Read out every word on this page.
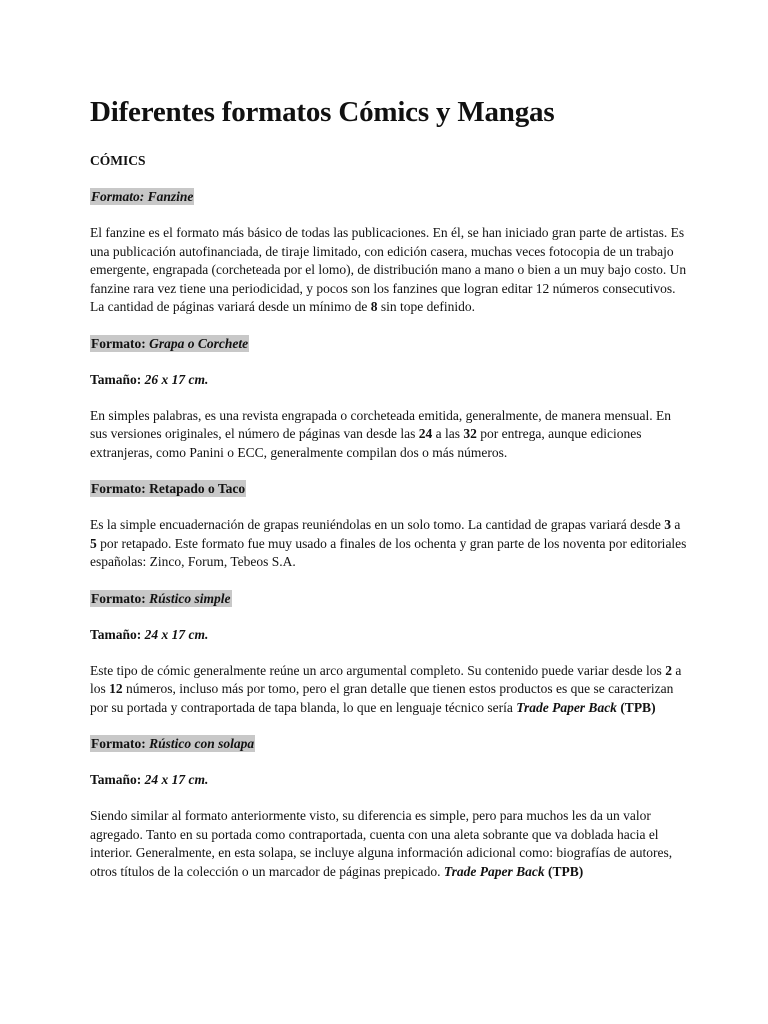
Diferentes formatos Cómics y Mangas
CÓMICS
Formato: Fanzine
El fanzine es el formato más básico de todas las publicaciones. En él, se han iniciado gran parte de artistas. Es una publicación autofinanciada, de tiraje limitado, con edición casera, muchas veces fotocopia de un trabajo emergente, engrapada (corcheteada por el lomo), de distribución mano a mano o bien a un muy bajo costo. Un fanzine rara vez tiene una periodicidad, y pocos son los fanzines que logran editar 12 números consecutivos. La cantidad de páginas variará desde un mínimo de 8 sin tope definido.
Formato: Grapa o Corchete
Tamaño: 26 x 17 cm.
En simples palabras, es una revista engrapada o corcheteada emitida, generalmente, de manera mensual. En sus versiones originales, el número de páginas van desde las 24 a las 32 por entrega, aunque ediciones extranjeras, como Panini o ECC, generalmente compilan dos o más números.
Formato: Retapado o Taco
Es la simple encuadernación de grapas reuniéndolas en un solo tomo. La cantidad de grapas variará desde 3 a 5 por retapado. Este formato fue muy usado a finales de los ochenta y gran parte de los noventa por editoriales españolas: Zinco, Forum, Tebeos S.A.
Formato: Rústico simple
Tamaño: 24 x 17 cm.
Este tipo de cómic generalmente reúne un arco argumental completo. Su contenido puede variar desde los 2 a los 12 números, incluso más por tomo, pero el gran detalle que tienen estos productos es que se caracterizan por su portada y contraportada de tapa blanda, lo que en lenguaje técnico sería Trade Paper Back (TPB)
Formato: Rústico con solapa
Tamaño: 24 x 17 cm.
Siendo similar al formato anteriormente visto, su diferencia es simple, pero para muchos les da un valor agregado. Tanto en su portada como contraportada, cuenta con una aleta sobrante que va doblada hacia el interior. Generalmente, en esta solapa, se incluye alguna información adicional como: biografías de autores, otros títulos de la colección o un marcador de páginas prepicado. Trade Paper Back (TPB)
